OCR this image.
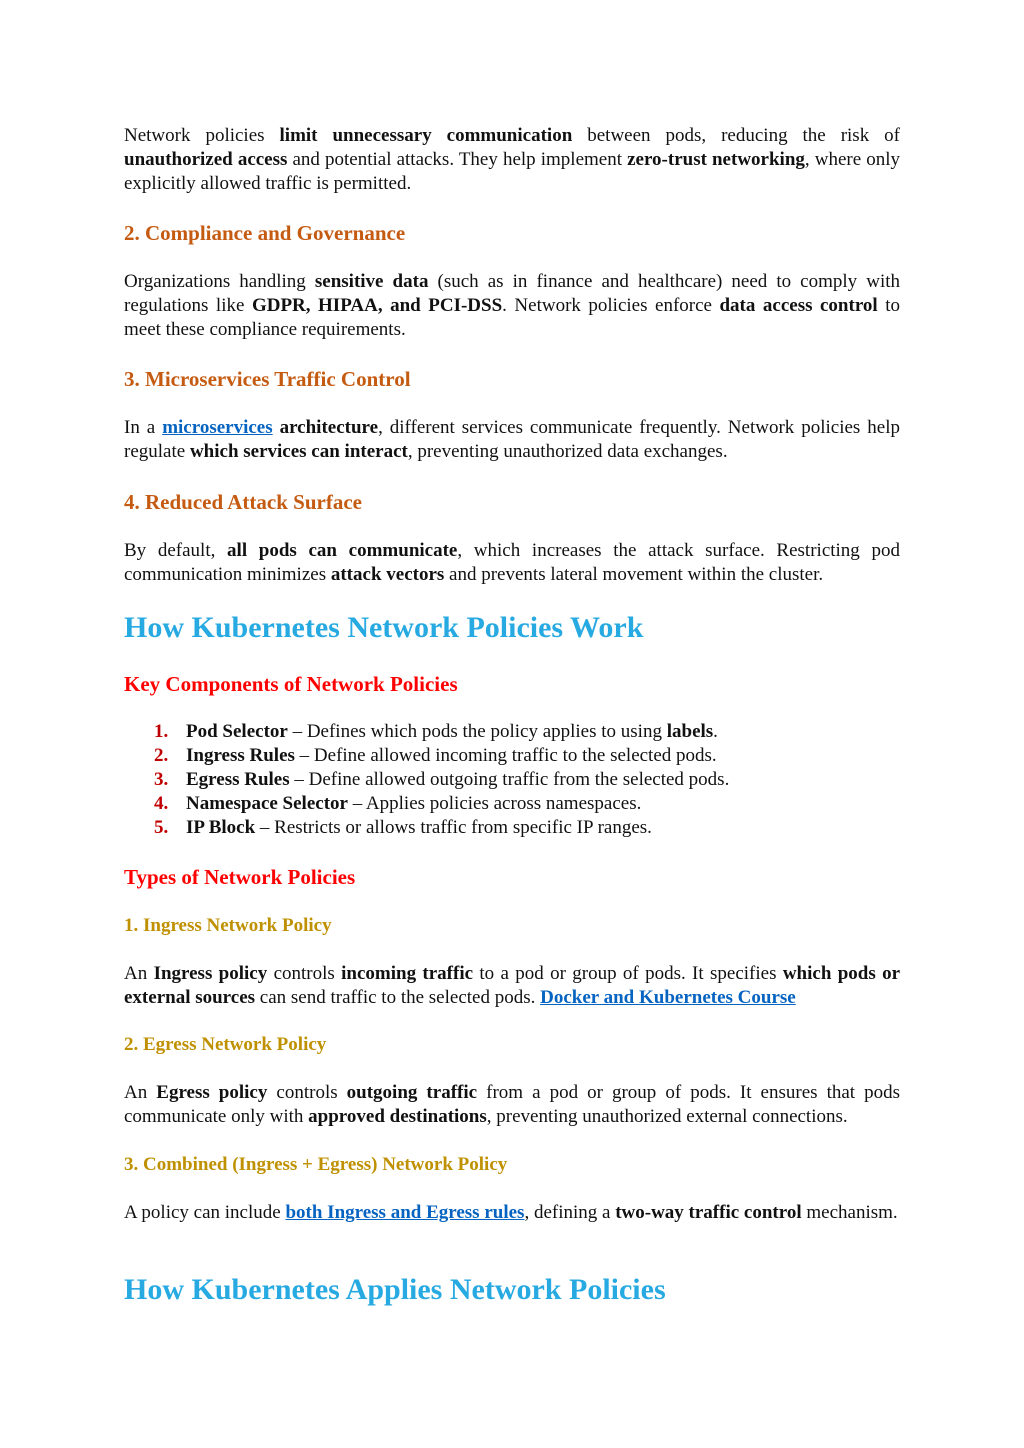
Network policies limit unnecessary communication between pods, reducing the risk of unauthorized access and potential attacks. They help implement zero-trust networking, where only explicitly allowed traffic is permitted.

2. Compliance and Governance

Organizations handling sensitive data (such as in finance and healthcare) need to comply with regulations like GDPR, HIPAA, and PCI-DSS. Network policies enforce data access control to meet these compliance requirements.

3. Microservices Traffic Control

In a microservices architecture, different services communicate frequently. Network policies help regulate which services can interact, preventing unauthorized data exchanges.

4. Reduced Attack Surface

By default, all pods can communicate, which increases the attack surface. Restricting pod communication minimizes attack vectors and prevents lateral movement within the cluster.

How Kubernetes Network Policies Work
Key Components of Network Policies
1. Pod Selector – Defines which pods the policy applies to using labels.
2. Ingress Rules – Define allowed incoming traffic to the selected pods.
3. Egress Rules – Define allowed outgoing traffic from the selected pods.
4. Namespace Selector – Applies policies across namespaces.
5. IP Block – Restricts or allows traffic from specific IP ranges.
Types of Network Policies
1. Ingress Network Policy

An Ingress policy controls incoming traffic to a pod or group of pods. It specifies which pods or external sources can send traffic to the selected pods. Docker and Kubernetes Course

2. Egress Network Policy

An Egress policy controls outgoing traffic from a pod or group of pods. It ensures that pods communicate only with approved destinations, preventing unauthorized external connections.

3. Combined (Ingress + Egress) Network Policy

A policy can include both Ingress and Egress rules, defining a two-way traffic control mechanism.

How Kubernetes Applies Network Policies
